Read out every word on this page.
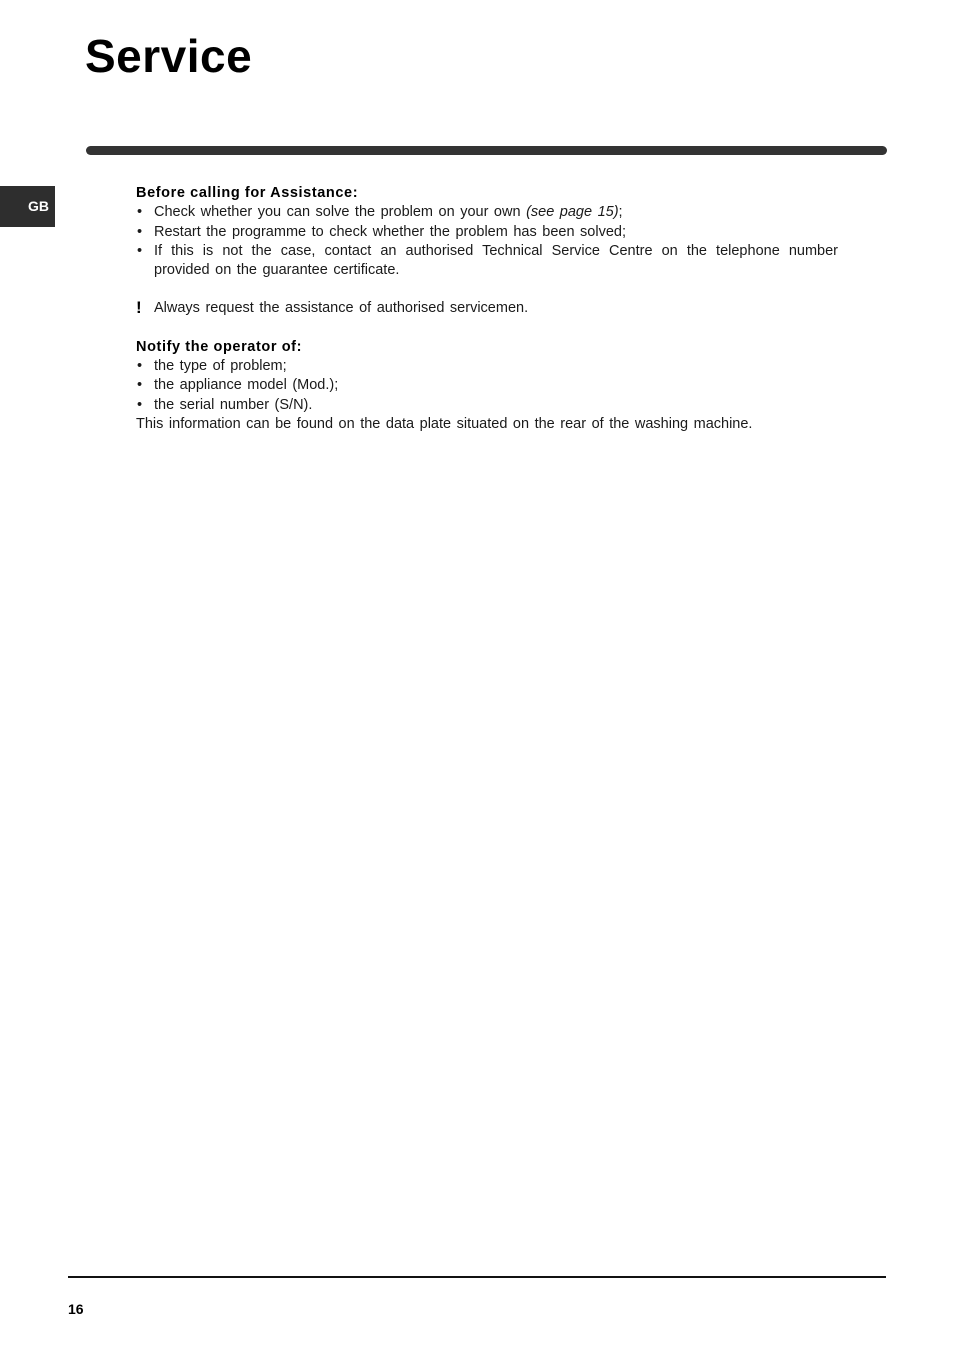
Service
GB

Before calling for Assistance:

• Check whether you can solve the problem on your own (see page 15);
• Restart the programme to check whether the problem has been solved;
• If this is not the case, contact an authorised Technical Service Centre on the telephone number provided on the guarantee certificate.
! Always request the assistance of authorised servicemen.

Notify the operator of:

• the type of problem;
• the appliance model (Mod.);
• the serial number (S/N).

This information can be found on the data plate situated on the rear of the washing machine.

16
